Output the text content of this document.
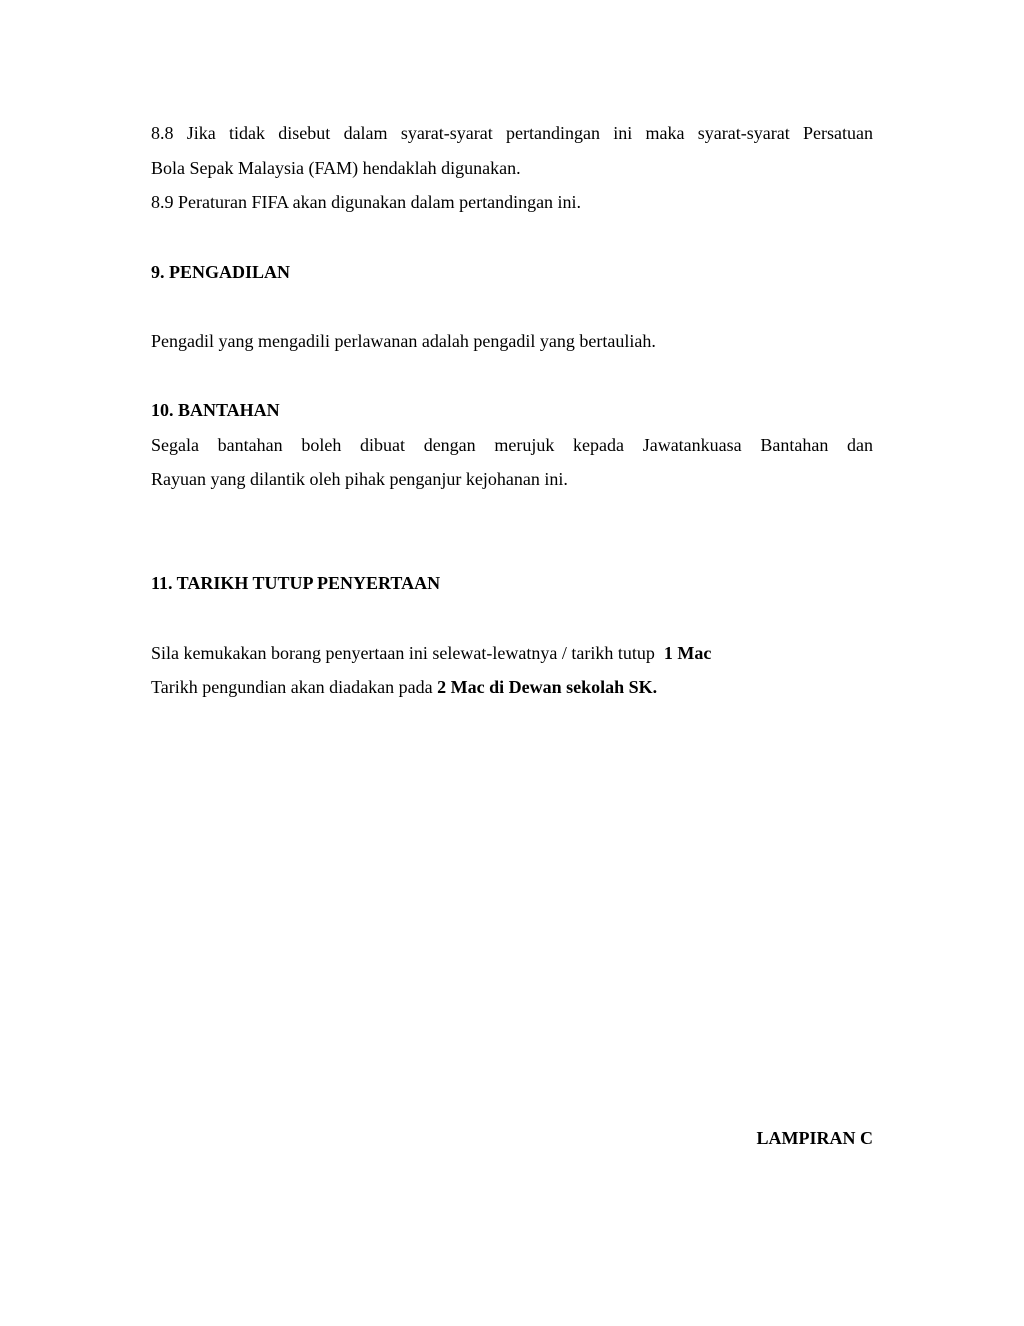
8.8 Jika tidak disebut dalam syarat-syarat pertandingan ini maka syarat-syarat Persatuan
Bola Sepak Malaysia (FAM) hendaklah digunakan.
8.9 Peraturan FIFA akan digunakan dalam pertandingan ini.
9. PENGADILAN
Pengadil yang mengadili perlawanan adalah pengadil yang bertauliah.
10. BANTAHAN
Segala bantahan boleh dibuat dengan merujuk kepada Jawatankuasa Bantahan dan
Rayuan yang dilantik oleh pihak penganjur kejohanan ini.
11. TARIKH TUTUP PENYERTAAN
Sila kemukakan borang penyertaan ini selewat-lewatnya / tarikh tutup  1 Mac
Tarikh pengundian akan diadakan pada 2 Mac di Dewan sekolah SK.
LAMPIRAN C
